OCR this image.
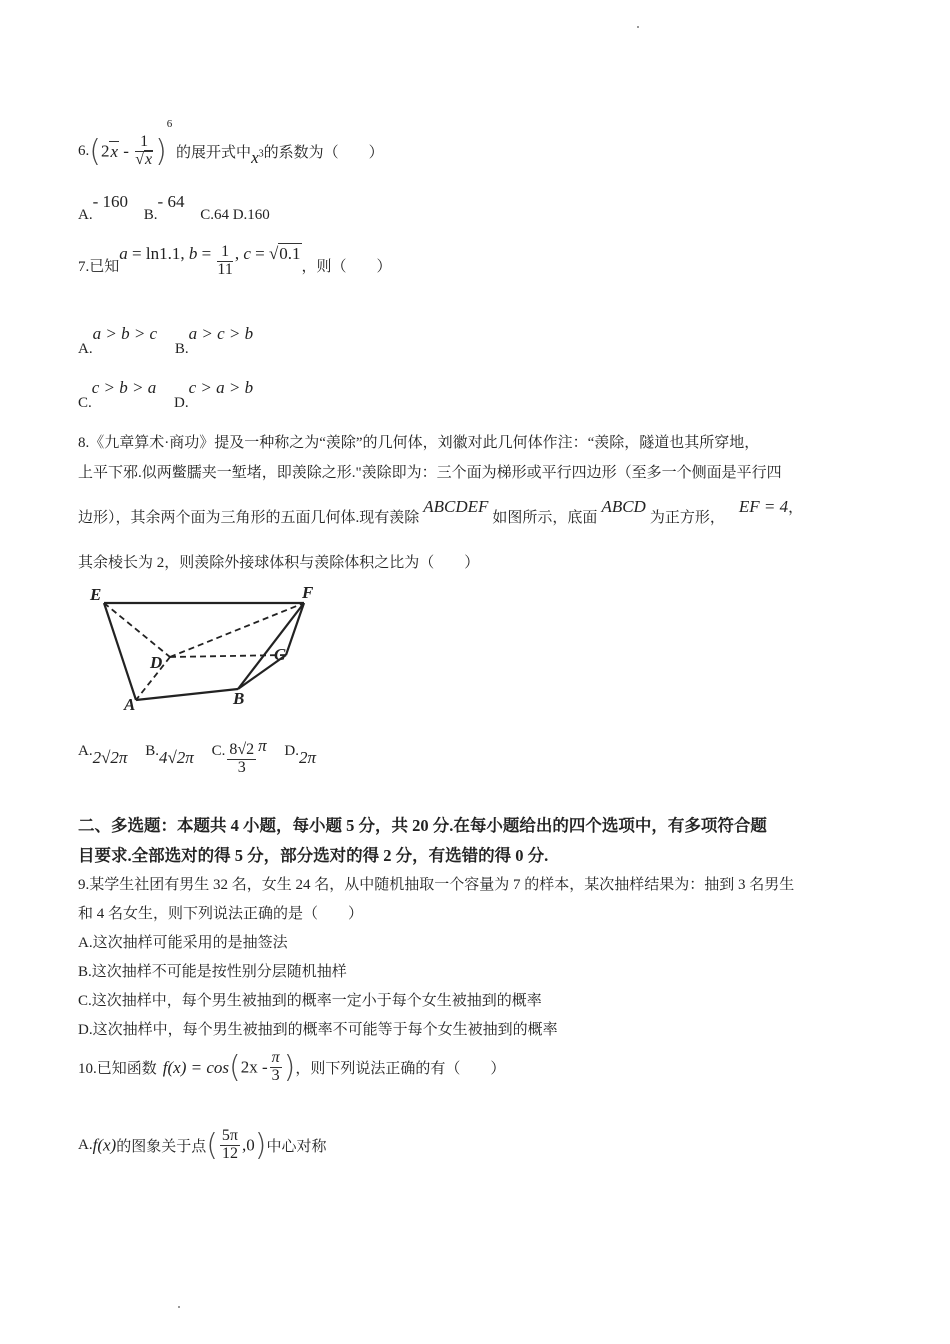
$6.(2x - \frac{1}{√x} )^6$ 的展开式中$x^3$的系数为（　　）
A.- 160 B.- 64 C.64 D.160
7.已知a = ln1.1, $b = \frac{1}{11}$ , c = √0.1，则（　　）
A.a > b > c B.a > c > b
C.c > b > a D.c > a > b
8.《九章算术·商功》提及一种称之为“羡除”的几何体，刘徽对此几何体作注：“羡除，隧道也其所穿地，
上平下邪.似两鳖臑夹一堑堵，即羡除之形."羡除即为：三个面为梯形或平行四边形（至多一个侧面是平行四
边形），其余两个面为三角形的五面几何体.现有羡除ABCDEF如图所示，底面ABCD为正方形，EF = 4，
其余棱长为 2，则羡除外接球体积与羡除体积之比为（　　）
E	F
D	C
A	B
A.2√2π B.4√2π C. $\frac{8√2}{3}$ π D.2π
二、多选题：本题共 4 小题，每小题 5 分，共 20 分.在每小题给出的四个选项中，有多项符合题
目要求.全部选对的得 5 分，部分选对的得 2 分，有选错的得 0 分.
9.某学生社团有男生 32 名，女生 24 名，从中随机抽取一个容量为 7 的样本，某次抽样结果为：抽到 3 名男生
和 4 名女生，则下列说法正确的是（　　）
A.这次抽样可能采用的是抽签法
B.这次抽样不可能是按性别分层随机抽样
C.这次抽样中，每个男生被抽到的概率一定小于每个女生被抽到的概率
D.这次抽样中，每个男生被抽到的概率不可能等于每个女生被抽到的概率
10.已知函数 $f(x) = \cos(2x - \frac{\pi}{3}$ )，则下列说法正确的有（　　）
A.f(x)的图象关于点( $\frac{5\pi}{12} ,0$)中心对称
